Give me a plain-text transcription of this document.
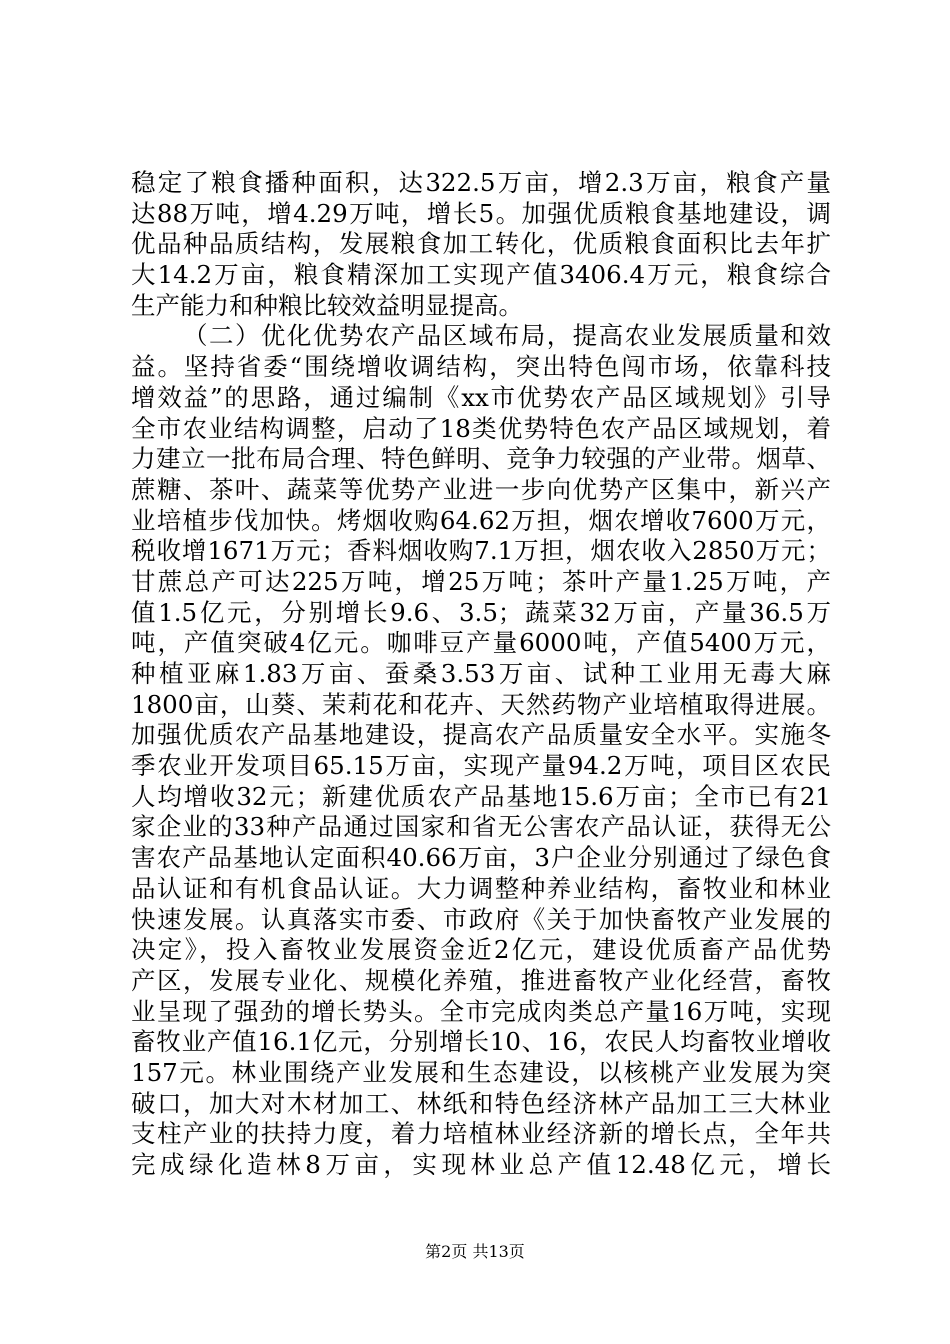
稳定了粮食播种面积，达322.5万亩，增2.3万亩，粮食产量
达88万吨，增4.29万吨，增长5。加强优质粮食基地建设，调
优品种品质结构，发展粮食加工转化，优质粮食面积比去年扩
大14.2万亩，粮食精深加工实现产值3406.4万元，粮食综合
生产能力和种粮比较效益明显提高。
（二）优化优势农产品区域布局，提高农业发展质量和效
益。坚持省委“围绕增收调结构，突出特色闯市场，依靠科技
增效益”的思路，通过编制《xx市优势农产品区域规划》引导
全市农业结构调整，启动了18类优势特色农产品区域规划，着
力建立一批布局合理、特色鲜明、竞争力较强的产业带。烟草、
蔗糖、茶叶、蔬菜等优势产业进一步向优势产区集中，新兴产
业培植步伐加快。烤烟收购64.62万担，烟农增收7600万元，
税收增1671万元；香料烟收购7.1万担，烟农收入2850万元；
甘蔗总产可达225万吨，增25万吨；茶叶产量1.25万吨，产
值1.5亿元，分别增长9.6、3.5；蔬菜32万亩，产量36.5万
吨，产值突破4亿元。咖啡豆产量6000吨，产值5400万元，
种植亚麻1.83万亩、蚕桑3.53万亩、试种工业用无毒大麻
1800亩，山葵、茉莉花和花卉、天然药物产业培植取得进展。
加强优质农产品基地建设，提高农产品质量安全水平。实施冬
季农业开发项目65.15万亩，实现产量94.2万吨，项目区农民
人均增收32元；新建优质农产品基地15.6万亩；全市已有21
家企业的33种产品通过国家和省无公害农产品认证，获得无公
害农产品基地认定面积40.66万亩，3户企业分别通过了绿色食
品认证和有机食品认证。大力调整种养业结构，畜牧业和林业
快速发展。认真落实市委、市政府《关于加快畜牧产业发展的
决定》，投入畜牧业发展资金近2亿元，建设优质畜产品优势
产区，发展专业化、规模化养殖，推进畜牧产业化经营，畜牧
业呈现了强劲的增长势头。全市完成肉类总产量16万吨，实现
畜牧业产值16.1亿元，分别增长10、16，农民人均畜牧业增收
157元。林业围绕产业发展和生态建设，以核桃产业发展为突
破口，加大对木材加工、林纸和特色经济林产品加工三大林业
支柱产业的扶持力度，着力培植林业经济新的增长点，全年共
完成绿化造林8万亩，实现林业总产值12.48亿元，增长
第2页 共13页
